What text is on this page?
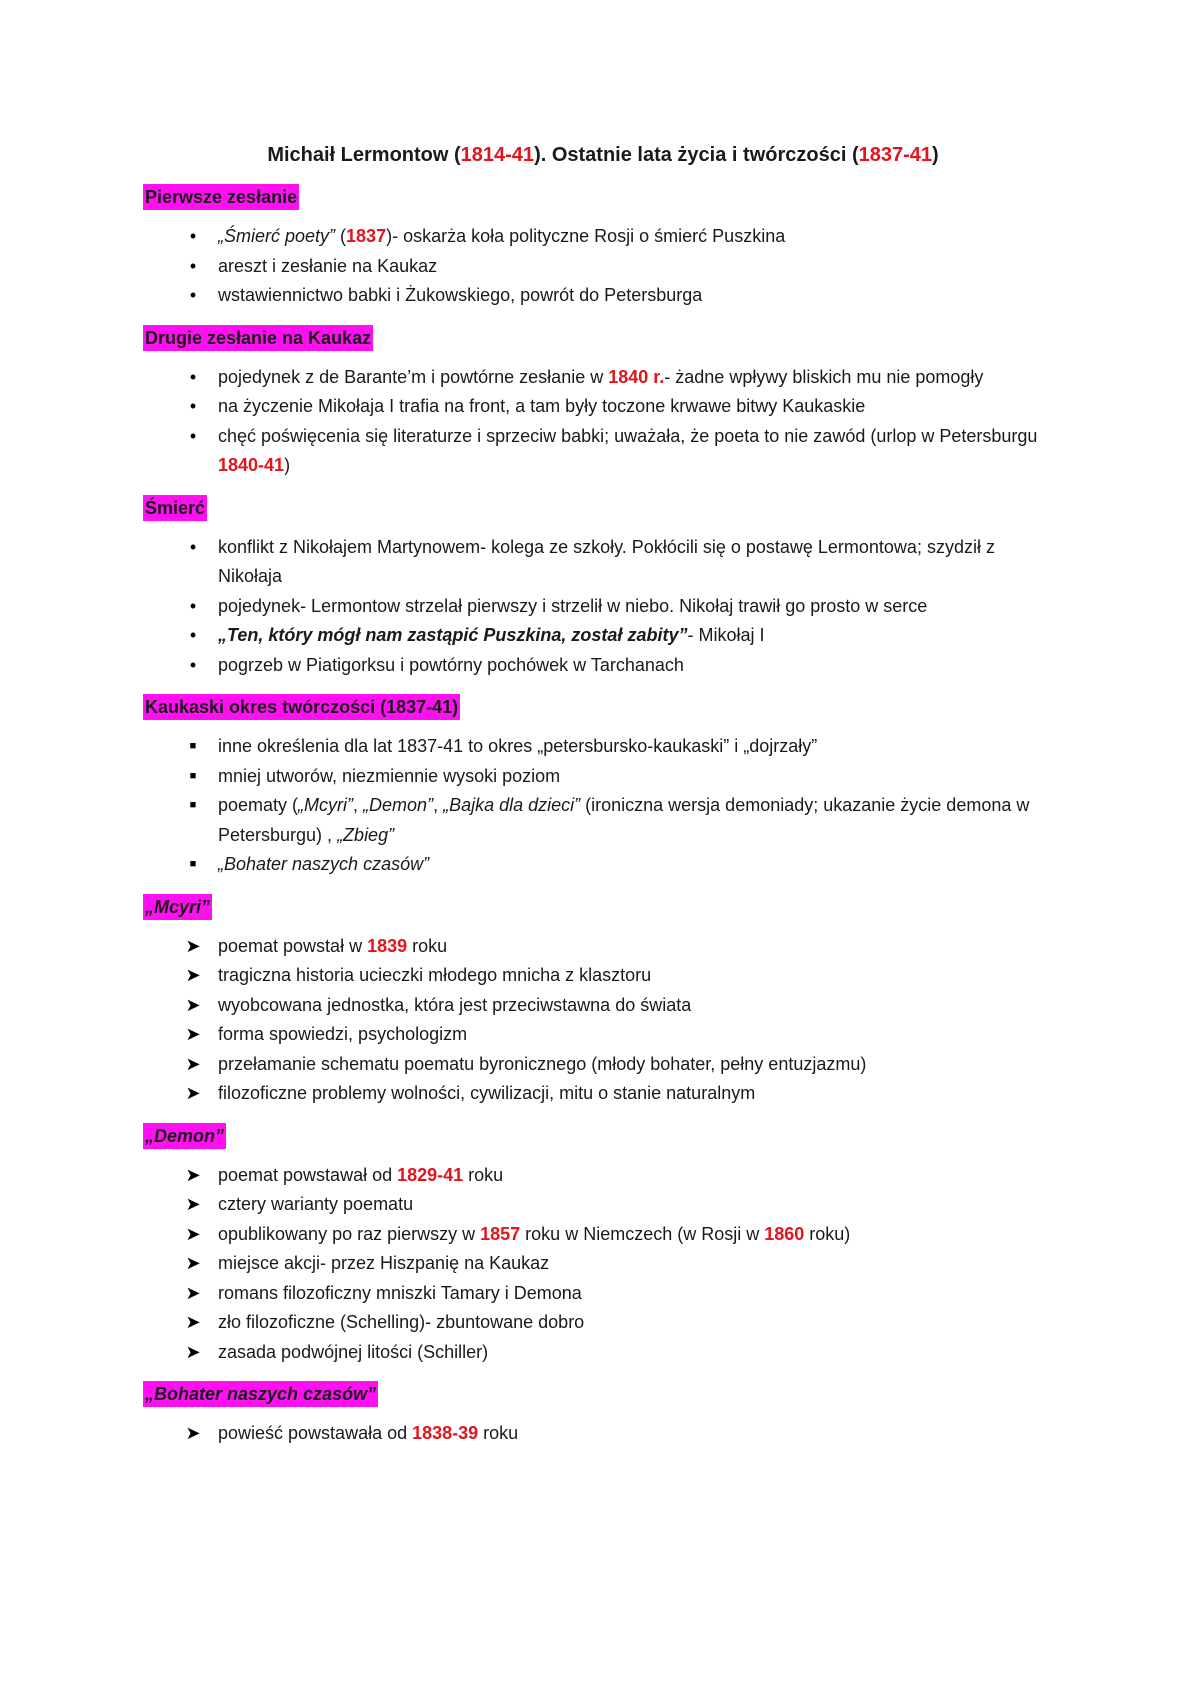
Michaił Lermontow (1814-41). Ostatnie lata życia i twórczości (1837-41)
Pierwsze zesłanie
•	„Śmierć poety” (1837)- oskarża koła polityczne Rosji o śmierć Puszkina
•	areszt i zesłanie na Kaukaz
•	wstawiennictwo babki i Żukowskiego, powrót do Petersburga
Drugie zesłanie na Kaukaz
•	pojedynek z de Barante’m i powtórne zesłanie w 1840 r.- żadne wpływy bliskich mu nie pomogły
•	na życzenie Mikołaja I trafia na front, a tam były toczone krwawe bitwy Kaukaskie
•	chęć poświęcenia się literaturze i sprzeciw babki; uważała, że poeta to nie zawód (urlop w Petersburgu 1840-41)
Śmierć
•	konflikt z Nikołajem Martynowem- kolega ze szkoły. Pokłócili się o postawę Lermontowa; szydził z Nikołaja
•	pojedynek- Lermontow strzelał pierwszy i strzelił w niebo. Nikołaj trawił go prosto w serce
•	„Ten, który mógł nam zastąpić Puszkina, został zabity”- Mikołaj I
•	pogrzeb w Piatigorksu i powtórny pochówek w Tarchanach
Kaukaski okres twórczości (1837-41)
■	inne określenia dla lat 1837-41 to okres „petersbursko-kaukaski” i „dojrzały”
■	mniej utworów, niezmiennie wysoki poziom
■	poematy („Mcyri”, „Demon”, „Bajka dla dzieci” (ironiczna wersja demoniady; ukazanie życie demona w Petersburgu) , „Zbieg”
■	„Bohater naszych czasów”
„Mcyri”
➤ poemat powstał w 1839 roku
➤ tragiczna historia ucieczki młodego mnicha z klasztoru
➤ wyobcowana jednostka, która jest przeciwstawna do świata
➤ forma spowiedzi, psychologizm
➤ przełamanie schematu poematu byronicznego (młody bohater, pełny entuzjazmu)
➤ filozoficzne problemy wolności, cywilizacji, mitu o stanie naturalnym
„Demon”
➤ poemat powstawał od 1829-41 roku
➤ cztery warianty poematu
➤ opublikowany po raz pierwszy w 1857 roku w Niemczech (w Rosji w 1860 roku)
➤ miejsce akcji- przez Hiszpanię na Kaukaz
➤ romans filozoficzny mniszki Tamary i Demona
➤ zło filozoficzne (Schelling)- zbuntowane dobro
➤ zasada podwójnej litości (Schiller)
„Bohater naszych czasów”
➤ powieść powstawała od 1838-39 roku
